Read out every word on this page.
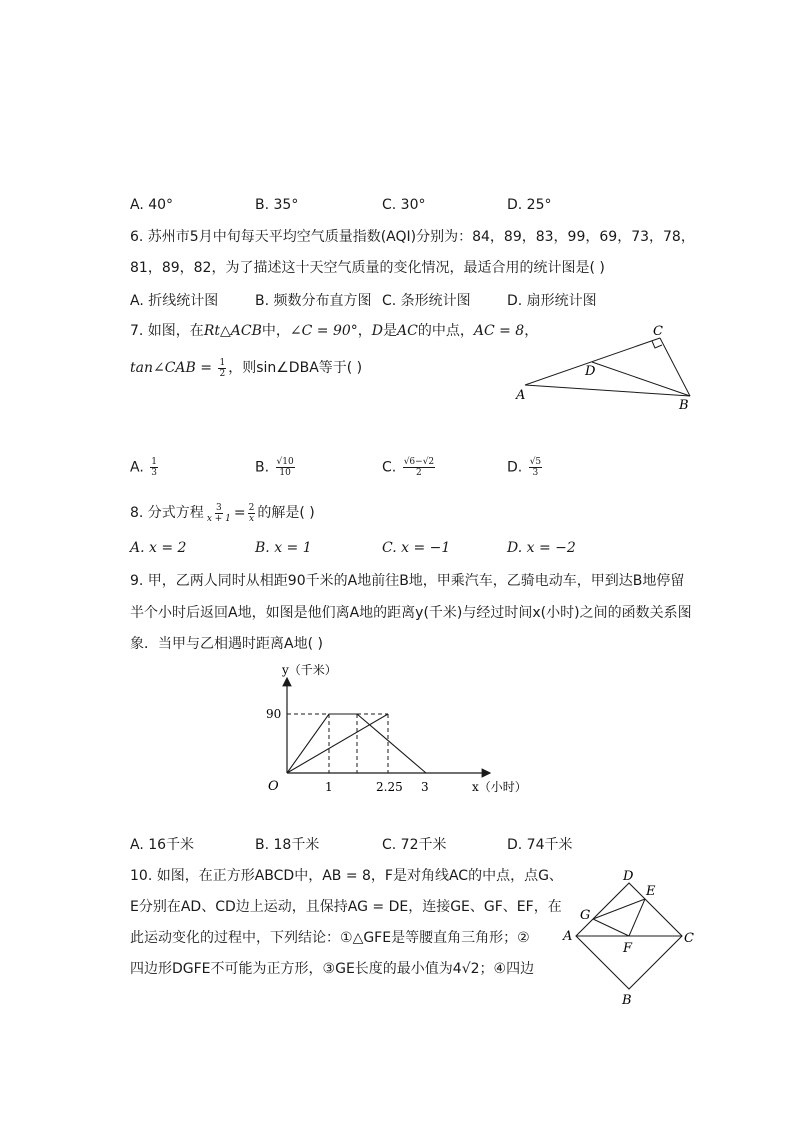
A. 40°	B. 35°	C. 30°	D. 25°
6. 苏州市5月中旬每天平均空气质量指数(AQI)分别为：84，89，83，99，69，73，78，
81，89，82，为了描述这十天空气质量的变化情况，最适合用的统计图是( )
A. 折线统计图	B. 频数分布直方图 C. 条形统计图	D. 扇形统计图
7. 如图，在Rt△ACB中，∠C = 90°，D是AC的中点，AC = 8，
tan∠CAB = $\frac{1}{2}$ ，则sin∠DBA等于( )
C
D
A
B
A. $\frac{1}{3}$	B. $\frac{√10}{10}$	C. $\frac{√6-√2}{2}$	D. $\frac{√5}{3}$
8. 分式方程 $\frac{3}{x + 1} = \frac{2}{x}$ 的解是( )
A. x = 2	B. x = 1	C. x = −1	D. x = −2
9. 甲，乙两人同时从相距90千米的A地前往B地，甲乘汽车，乙骑电动车，甲到达B地停留
半个小时后返回A地，如图是他们离A地的距离y(千米)与经过时间x(小时)之间的函数关系图
象．当甲与乙相遇时距离A地( )
y（千米）
90
O	1	2.25 3	x（小时）
A. 16千米	B. 18千米	C. 72千米	D. 74千米
10. 如图，在正方形ABCD中，AB = 8，F是对角线AC的中点，点G、
E分别在AD、CD边上运动，且保持AG = DE，连接GE、GF、EF，在
此运动变化的过程中，下列结论：①△GFE是等腰直角三角形；②
四边形DGFE不可能为正方形，③GE长度的最小值为4√2；④四边
D
E
G
A
F
C
B
